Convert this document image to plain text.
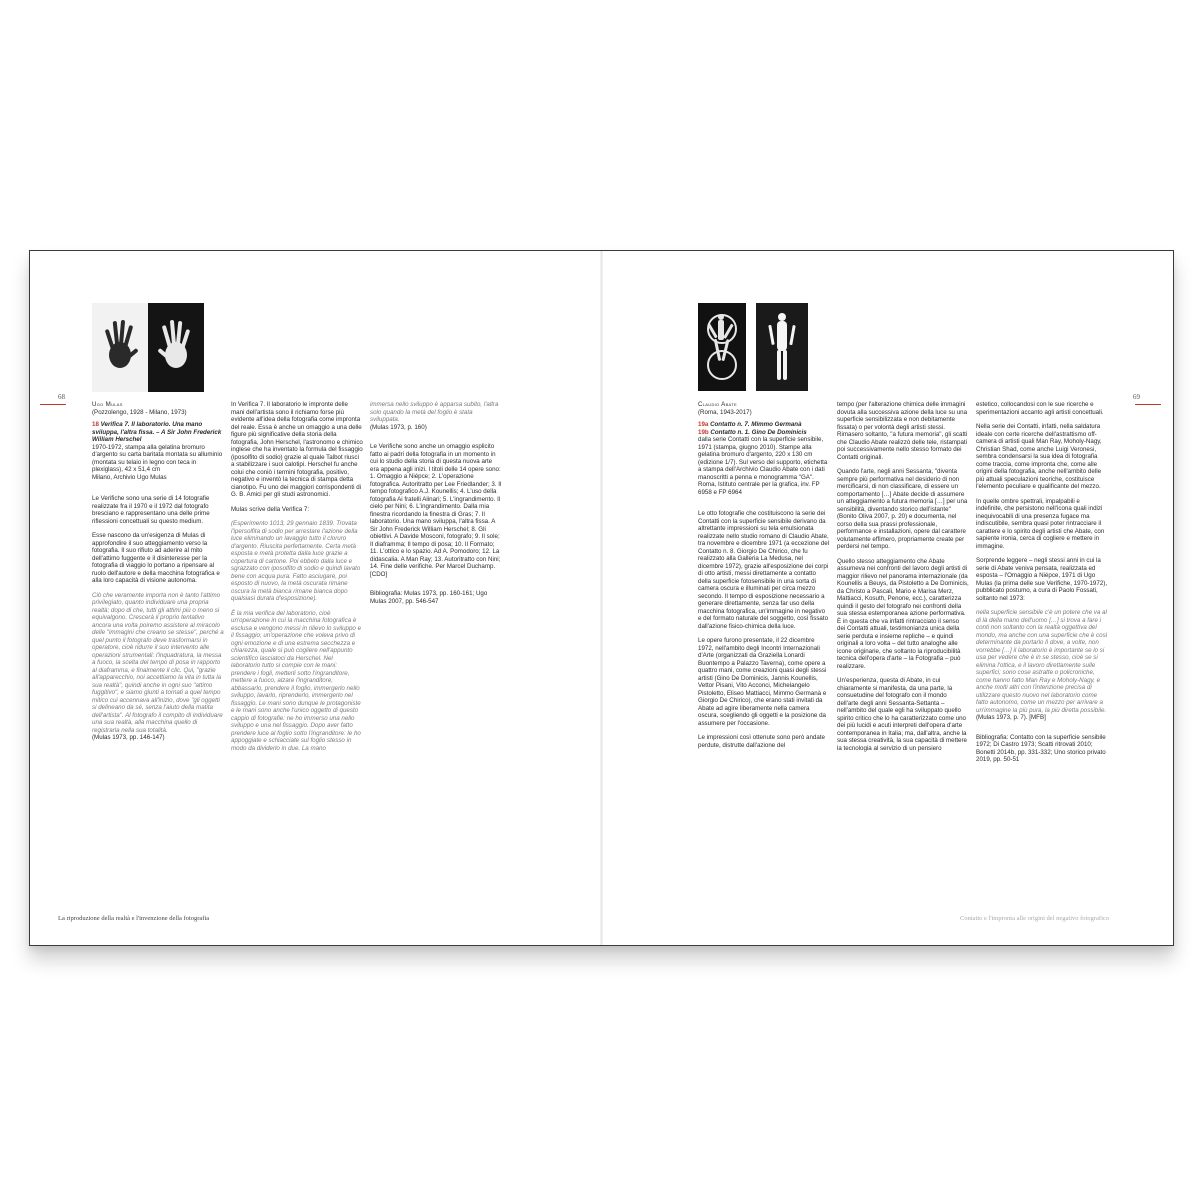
68

Ugo Mulas
(Pozzolengo, 1928 - Milano, 1973)

18 Verifica 7. Il laboratorio. Una mano sviluppa, l'altra fissa. – A Sir John Frederick William Herschel
1970-1972, stampa alla gelatina bromuro d'argento su carta baritata montata su alluminio (montata su telaio in legno con teca in plexiglass), 42 x 51,4 cm
Milano, Archivio Ugo Mulas

Le Verifiche sono una serie di 14 fotografie realizzate fra il 1970 e il 1972 dal fotografo bresciano e rappresentano una delle prime riflessioni concettuali su questo medium.

Esse nascono da un'esigenza di Mulas di approfondire il suo atteggiamento verso la fotografia. Il suo rifiuto ad aderire al mito dell'attimo fuggente e il disinteresse per la fotografia di viaggio lo portano a ripensare al ruolo dell'autore e della macchina fotografica e alla loro capacità di visione autonoma.

Ciò che veramente importa non è tanto l'attimo privilegiato, quanto individuare una propria realtà; dopo di che, tutti gli attimi più o meno si equivalgono. Crescerà il proprio tentativo ancora una volta poiremo assistere al miracolo delle "immagini che creano se stesse", perché a quel punto il fotografo deve trasformarsi in operatore, cioè ridurre il suo intervento alle operazioni strumentali: l'inquadratura, la messa a fuoco, la scelta del tempo di posa in rapporto al diaframma, e finalmente il clic. Qui, "grazie all'apparecchio, noi accettiamo la vita in tutta la sua realtà", quindi anche in ogni suo "attimo fuggitivo", e siamo giunti a tornati a quel tempo mitico cui accennava all'inizio, dove "gli oggetti si delineano da sé, senza l'aiuto della matita dell'artista". Al fotografo il compito di individuare una sua realtà, alla macchina quello di registrarla nella sua totalità.

(Mulas 1973, pp. 146-147)

In Verifica 7. Il laboratorio le impronte delle mani dell'artista sono il richiamo forse più evidente all'idea della fotografia come impronta del reale. Essa è anche un omaggio a una delle figure più significative della storia della fotografia, John Herschel, l'astronomo e chimico inglese che ha inventato la formula del fissaggio (iposolfito di sodio) grazie al quale Talbot riuscì a stabilizzare i suoi calotipi. Herschel fu anche colui che coniò i termini fotografia, positivo, negativo e inventò la tecnica di stampa detta cianotipo. Fu uno dei maggiori corrispondenti di G. B. Amici per gli studi astronomici.

Mulas scrive della Verifica 7:

(Esperimento 1013, 29 gennaio 1839. Trovata l'ipersolfita di sodio per arrestare l'azione della luce eliminando un lavaggio tutto il cloruro d'argento. Riuscita perfettamente. Certa metà esposta e metà protetta dalla luce grazie a copertura di cartone. Poi ebbeto dalla luce e sgrazzato con iposolfito di sodio e quindi lavato bene con acqua pura. Fatto asciugare, poi esposto di nuovo, la metà oscurata rimane oscura la metà bianca rimane bianca dopo qualsiasi durata d'esposizione).

È la mia verifica del laboratorio, cioè un'operazione in cui la macchina fotografica è esclusa e vengono messi in rilievo lo sviluppo e il fissaggio; un'operazione che voleva privo di ogni emozione e di una estrema secchezza e chiarezza, quale si può cogliere nell'appunto scientifico lasciatoci da Herschel. Nel laboratorio tutto si compie con le mani: prendere i fogli, metterli sotto l'ingranditore, mettere a fuoco, alzare l'ingranditore, abbassarlo, prendere il foglio, immergerlo nello sviluppo, lavarlo, riprenderlo, immergerlo nel fissaggio. Le mani sono dunque le protagoniste e le mani sono anche l'unico oggetto di questo cappio di fotografie: ne ho immerso una nello sviluppo e una nel fissaggio. Dopo aver fatto prendere luce al foglio sotto l'ingranditore: le ho appoggiate e schiacciate sul foglio stesso in modo da dividerlo in due. La mano

immersa nello sviluppo è apparsa subito, l'altra solo quando la metà del foglio è stata sviluppata.

(Mulas 1973, p. 160)

Le Verifiche sono anche un omaggio esplicito fatto ai padri della fotografia in un momento in cui lo studio della storia di questa nuova arte era appena agli inizi. I titoli delle 14 opere sono: 1. Omaggio a Niépce; 2. L'operazione fotografica. Autoritratto per Lee Friedlander; 3. Il tempo fotografico A.J. Kounellis; 4. L'uso della fotografia Ai fratelli Alinari; 5. L'ingrandimento. Il cielo per Nini; 6. L'ingrandimento. Dalla mia finestra ricordando la finestra di Gras; 7. Il laboratorio. Una mano sviluppa, l'altra fissa. A Sir John Frederick William Herschel; 8. Gli obiettivi. A Davide Mosconi, fotografo; 9. Il sole; Il diaframma; Il tempo di posa; 10. Il Formato; 11. L'ottico e lo spazio. Ad A. Pomodoro; 12. La didascalia. A Man Ray; 13. Autoritratto con Nini; 14. Fine delle verifiche. Per Marcel Duchamp. [CDO]

Bibliografia: Mulas 1973, pp. 160-161; Ugo Mulas 2007, pp. 546-547

La riproduzione della realtà e l'invenzione della fotografia
69

Claudio Abate
(Roma, 1943-2017)

19a Contatto n. 7. Mimmo Germanà
19b Contatto n. 1. Gino De Dominicis
dalla serie Contatti con la superficie sensibile, 1971 (stampa, giugno 2010). Stampe alla gelatina bromuro d'argento, 220 x 130 cm (edizione 1/7). Sul verso del supporto, etichetta a stampa dell'Archivio Claudio Abate con i dati manoscritti a penna e monogramma "GA". Roma, Istituto centrale per la grafica, inv. FP 6958 e FP 6964

Le otto fotografie che costituiscono la serie dei Contatti con la superficie sensibile derivano da altrettante impressioni su tela emulsionata realizzate nello studio romano di Claudio Abate, tra novembre e dicembre 1971 (a eccezione del Contatto n. 8. Giorgio De Chirico, che fu realizzato alla Galleria La Medusa, nel dicembre 1972), grazie all'esposizione dei corpi di otto artisti, messi direttamente a contatto della superficie fotosensibile in una sorta di camera oscura e illuminati per circa mezzo secondo. Il tempo di esposizione necessario a generare direttamente, senza far uso della macchina fotografica, un'immagine in negativo e del formato naturale del soggetto, così fissato dall'azione fisico-chimica della luce.

Le opere furono presentate, il 22 dicembre 1972, nell'ambito degli Incontri Internazionali d'Arte (organizzati da Graziella Lonardi Buontempo a Palazzo Taverna), come opere a quattro mani, come creazioni quasi degli stessi artisti (Gino De Dominicis, Jannis Kounellis, Vettor Pisani, Vito Acconci, Michelangelo Pistoletto, Eliseo Mattiacci, Mimmo Germanà e Giorgio De Chirico), che erano stati invitati da Abate ad agire liberamente nella camera oscura, scegliendo gli oggetti e la posizione da assumere per l'occasione.

Le impressioni così ottenute sono però andate perdute, distrutte dall'azione del

tempo (per l'alterazione chimica delle immagini dovuta alla successiva azione della luce su una superficie sensibilizzata e non debitamente fissata) o per volontà degli artisti stessi. Rimasero soltanto, "a futura memoria", gli scatti che Claudio Abate realizzò delle tele, ristampati poi successivamente nello stesso formato dei Contatti originali.

Quando l'arte, negli anni Sessanta, "diventa sempre più performativa nel desiderio di non mercificarsi, di non classificare, di essere un comportamento […] Abate decide di assumere un atteggiamento a futura memoria […] per una sensibilità, diventando storico dell'istante" (Bonito Oliva 2007, p. 20) e documenta, nel corso della sua prassi professionale, performance e installazioni, opere dal carattere volutamente effimero, propriamente create per perdersi nel tempo.

Quello stesso atteggiamento che Abate assumeva nei confronti del lavoro degli artisti di maggior rilievo nel panorama internazionale (da Kounellis a Beuys, da Pistoletto a De Dominicis, da Christo a Pascali, Mario e Marisa Merz, Mattiacci, Kosuth, Penone, ecc.), caratterizza quindi il gesto del fotografo nei confronti della sua stessa estemporanea azione performativa. È in questa che va infatti rintracciato il senso dei Contatti attuali, testimonianza unica della serie perduta e insieme repliche – e quindi originali a loro volta – del tutto analoghe alle icone originarie, che soltanto la riproducibilità tecnica dell'opera d'arte – la Fotografia – può realizzare.

Un'esperienza, questa di Abate, in cui chiaramente si manifesta, da una parte, la consuetudine del fotografo con il mondo dell'arte degli anni Sessanta-Settanta – nell'ambito del quale egli ha sviluppato quello spirito critico che lo ha caratterizzato come uno dei più lucidi e acuti interpreti dell'opera d'arte contemporanea in Italia; ma, dall'altra, anche la sua stessa creatività, la sua capacità di mettere la tecnologia al servizio di un pensiero

estetico, collocandosi con le sue ricerche e sperimentazioni accanto agli artisti concettuali.

Nella serie dei Contatti, infatti, nella saldatura ideale con certe ricerche dell'astrattismo off-camera di artisti quali Man Ray, Moholy-Nagy, Christian Shad, come anche Luigi Veronesi, sembra condensarsi la sua idea di fotografia come traccia, come impronta che, come alle origini della fotografia, anche nell'ambito delle più attuali speculazioni teoriche, costituisce l'elemento peculiare e qualificante del mezzo.

In quelle ombre spettrali, impalpabili e indefinite, che persistono nell'icona quali indizi inequivocabili di una presenza fugace ma indiscutibile, sembra quasi poter rintracciare il carattere e lo spirito degli artisti che Abate, con sapiente ironia, cerca di cogliere e mettere in immagine.

Sorprende leggere – negli stessi anni in cui la serie di Abate veniva pensata, realizzata ed esposta – l'Omaggio a Niépce, 1971 di Ugo Mulas (la prima delle sue Verifiche, 1970-1972), pubblicato postumo, a cura di Paolo Fossati, soltanto nel 1973:

nella superficie sensibile c'è un potere che va al di là della mano dell'uomo […] si trova a fare i conti non soltanto con la realtà oggettiva del mondo, ma anche con una superficie che è così determinante da portarlo lì dove, a volte, non vorrebbe […] il laboratorio è importante se lo si usa per vedere che è in se stesso, cioè se si elimina l'ottica, e il lavoro direttamente sulle superfici; sono cose astratte o policroniche, come hanno fatto Man Ray e Moholy-Nagy, e anche molti altri con l'intenzione precisa di utilizzare questo nuovo nel laboratorio come fatto autonomo, come un mezzo per arrivare a un'immagine la più pura, la più diretta possibile.

(Mulas 1973, p. 7). [MFB]

Bibliografia: Contatto con la superficie sensibile 1972; Di Castro 1973; Scatti ritrovati 2010; Bonetti 2014b, pp. 331-332; Uno storico privato 2019, pp. 50-51

Contatto e l'impronta alle origini del negativo fotografico
